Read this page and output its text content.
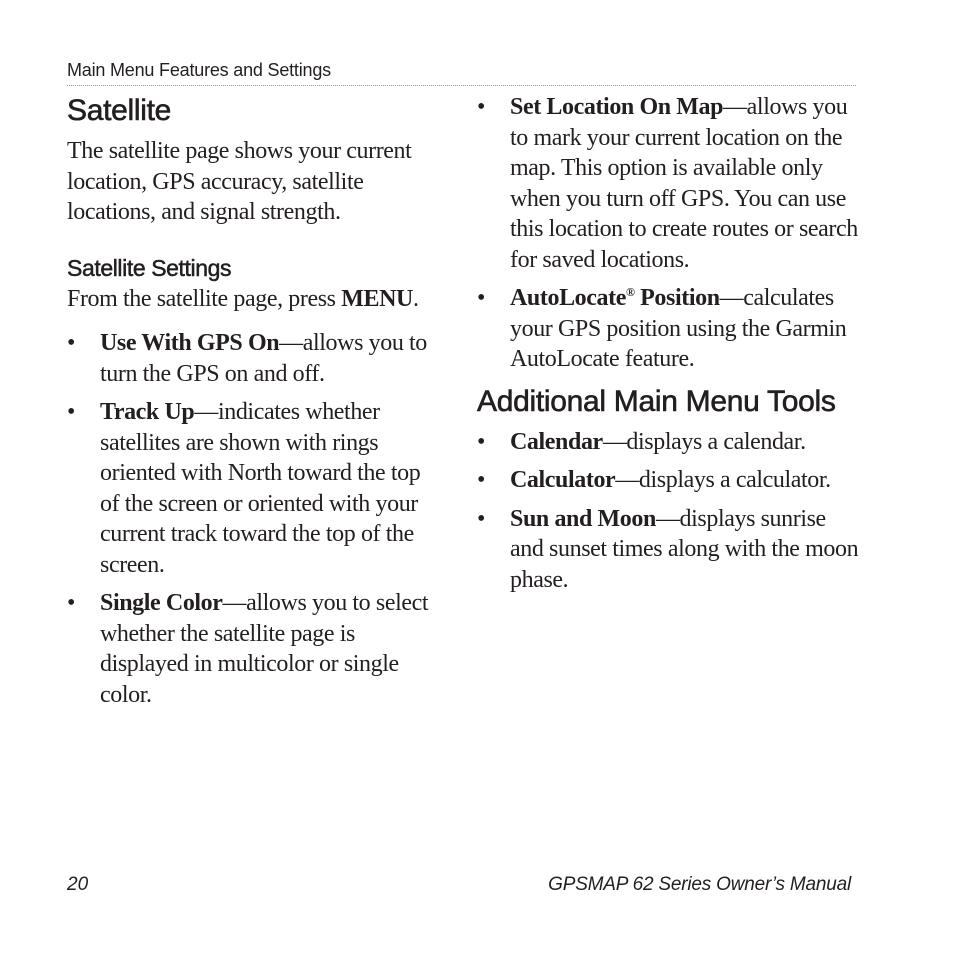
Main Menu Features and Settings
Satellite

The satellite page shows your current location, GPS accuracy, satellite locations, and signal strength.

Satellite Settings

From the satellite page, press MENU.

• Use With GPS On—allows you to turn the GPS on and off.
• Track Up—indicates whether satellites are shown with rings oriented with North toward the top of the screen or oriented with your current track toward the top of the screen.
• Single Color—allows you to select whether the satellite page is displayed in multicolor or single color.
• Set Location On Map—allows you to mark your current location on the map. This option is available only when you turn off GPS. You can use this location to create routes or search for saved locations.
• AutoLocate® Position—calculates your GPS position using the Garmin AutoLocate feature.
Additional Main Menu Tools
• Calendar—displays a calendar.
• Calculator—displays a calculator.
• Sun and Moon—displays sunrise and sunset times along with the moon phase.
20	GPSMAP 62 Series Owner’s Manual
